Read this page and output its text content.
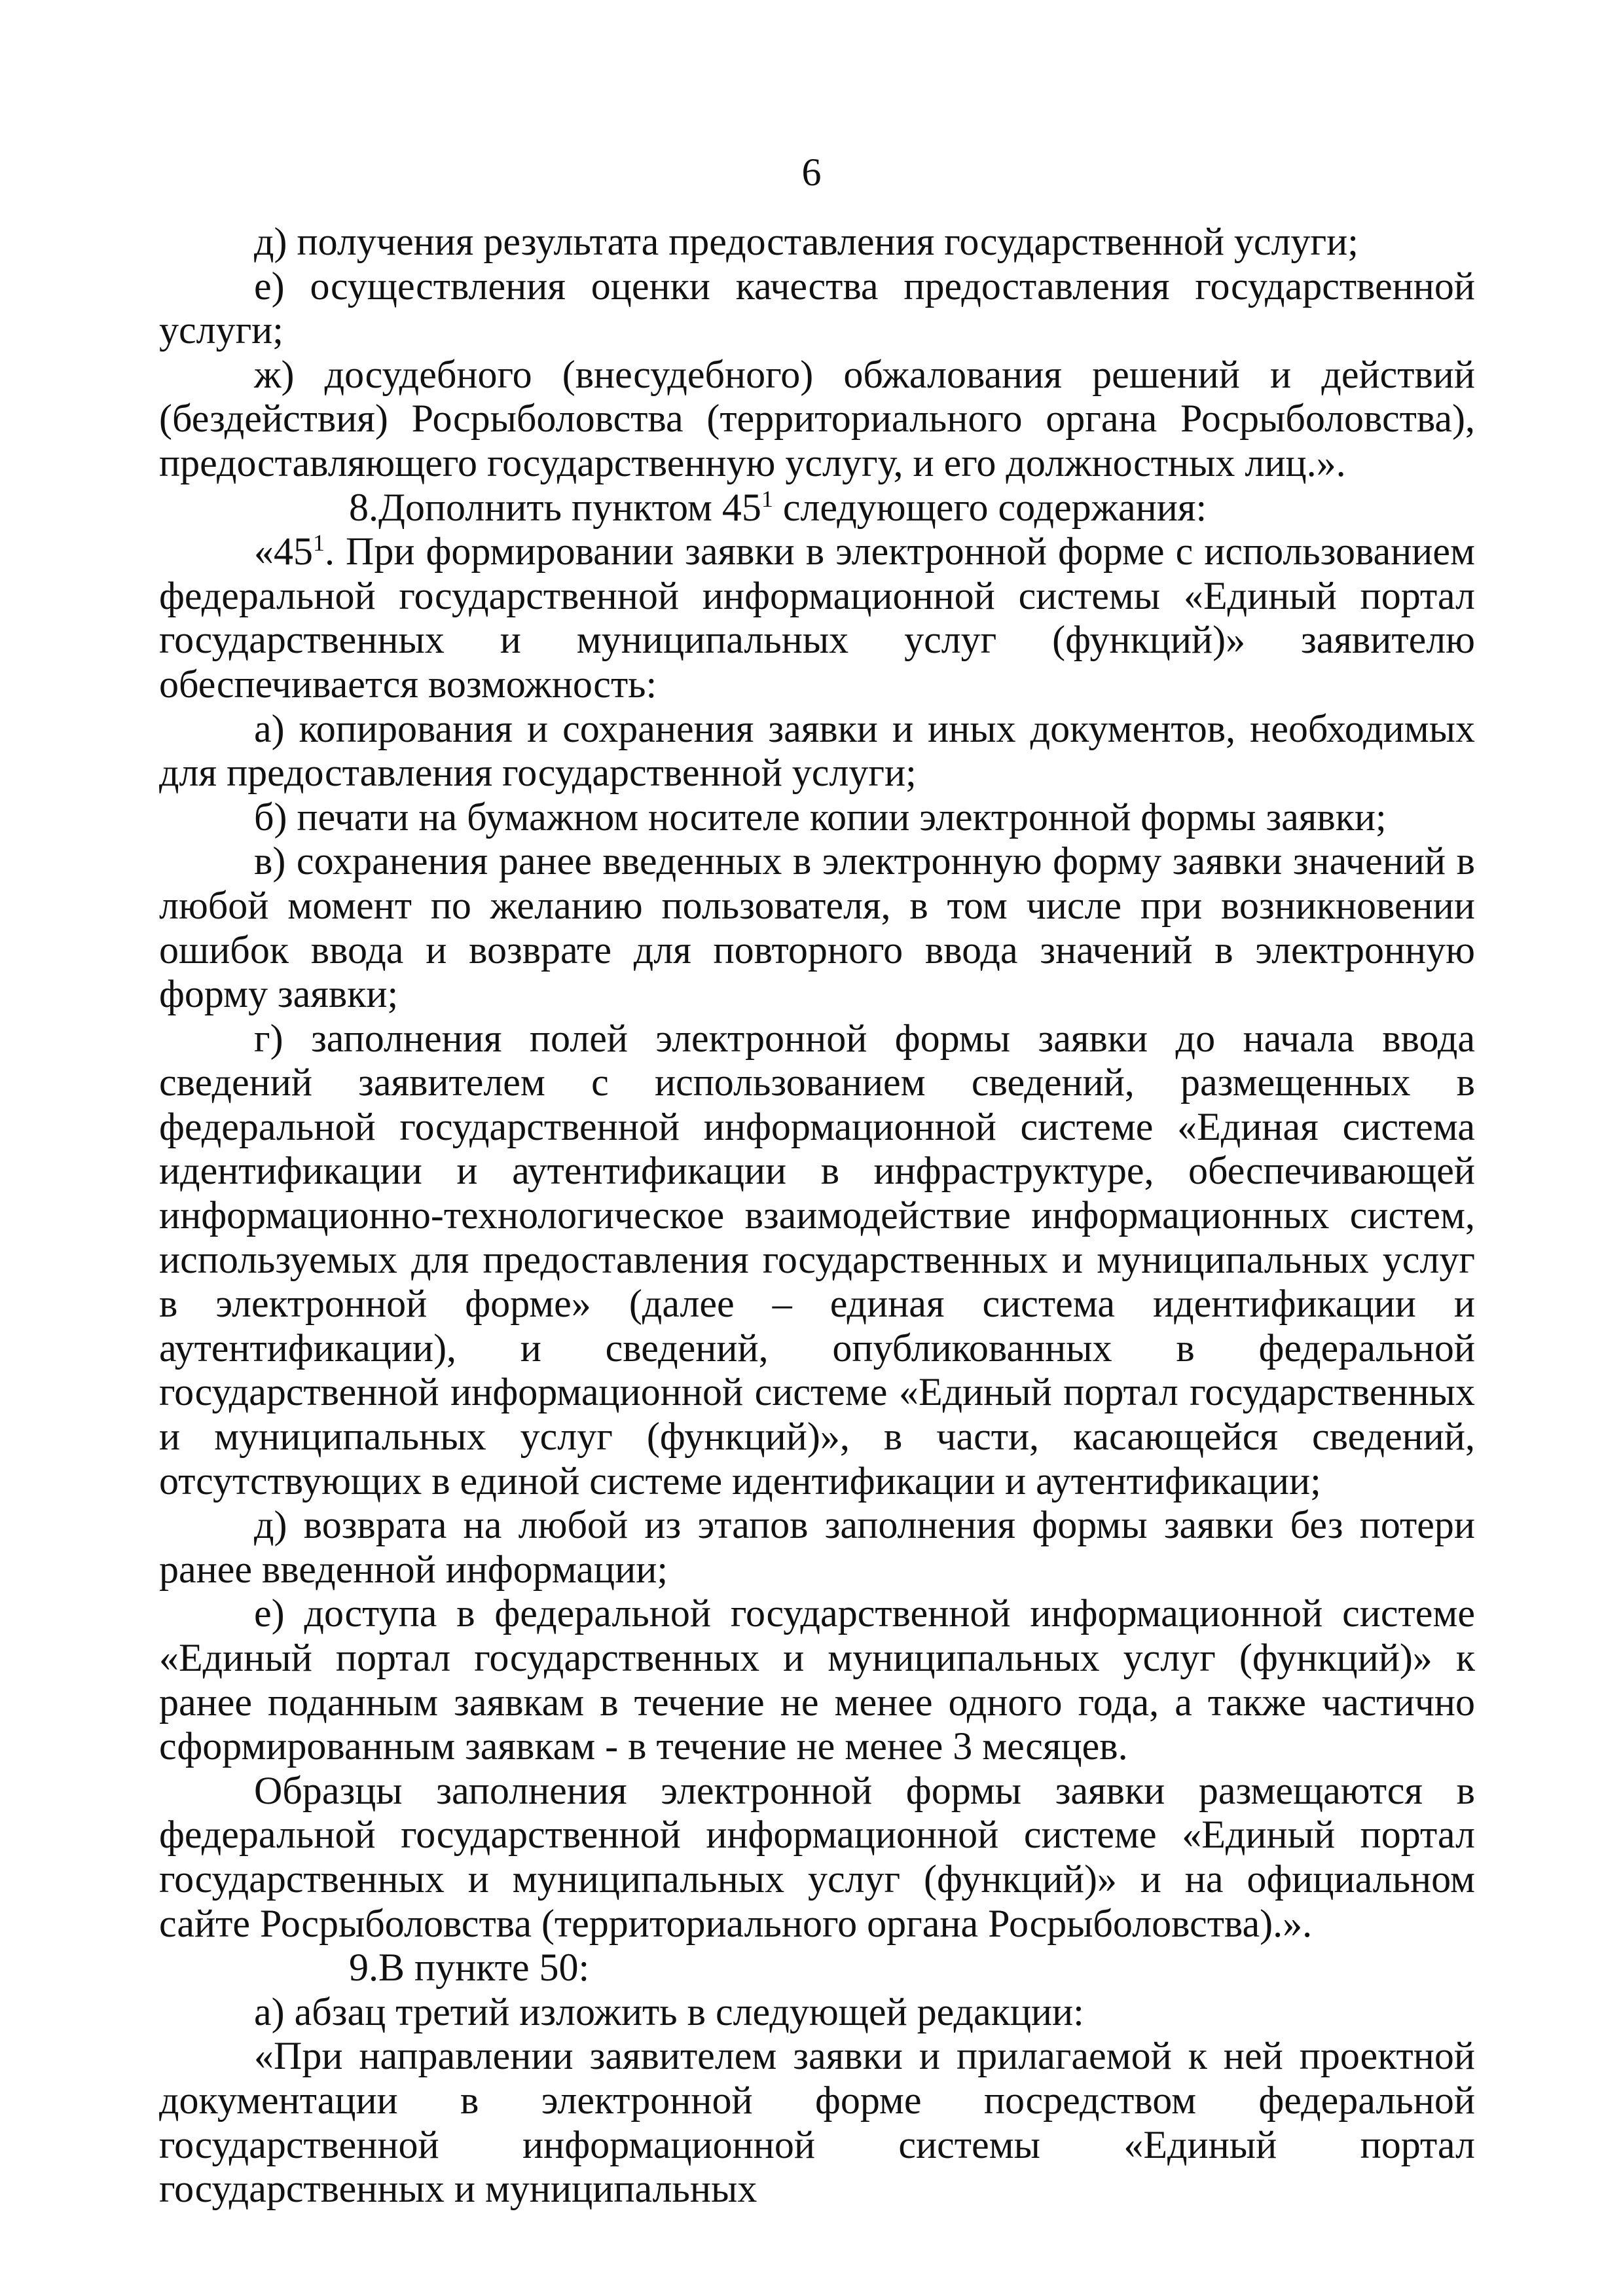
6

д) получения результата предоставления государственной услуги;

е) осуществления оценки качества предоставления государственной услуги;

ж) досудебного (внесудебного) обжалования решений и действий (бездействия) Росрыболовства (территориального органа Росрыболовства), предоставляющего государственную услугу, и его должностных лиц.».

8.Дополнить пунктом $45^1$ следующего содержания:

«$45^1$. При формировании заявки в электронной форме с использованием федеральной государственной информационной системы «Единый портал государственных и муниципальных услуг (функций)» заявителю обеспечивается возможность:

а) копирования и сохранения заявки и иных документов, необходимых для предоставления государственной услуги;

б) печати на бумажном носителе копии электронной формы заявки;

в) сохранения ранее введенных в электронную форму заявки значений в любой момент по желанию пользователя, в том числе при возникновении ошибок ввода и возврате для повторного ввода значений в электронную форму заявки;

г) заполнения полей электронной формы заявки до начала ввода сведений заявителем с использованием сведений, размещенных в федеральной государственной информационной системе «Единая система идентификации и аутентификации в инфраструктуре, обеспечивающей информационно-технологическое взаимодействие информационных систем, используемых для предоставления государственных и муниципальных услуг в электронной форме» (далее – единая система идентификации и аутентификации), и сведений, опубликованных в федеральной государственной информационной системе «Единый портал государственных и муниципальных услуг (функций)», в части, касающейся сведений, отсутствующих в единой системе идентификации и аутентификации;

д) возврата на любой из этапов заполнения формы заявки без потери ранее введенной информации;

е) доступа в федеральной государственной информационной системе «Единый портал государственных и муниципальных услуг (функций)» к ранее поданным заявкам в течение не менее одного года, а также частично сформированным заявкам - в течение не менее 3 месяцев.

Образцы заполнения электронной формы заявки размещаются в федеральной государственной информационной системе «Единый портал государственных и муниципальных услуг (функций)» и на официальном сайте Росрыболовства (территориального органа Росрыболовства).».

9.В пункте 50:

а) абзац третий изложить в следующей редакции:

«При направлении заявителем заявки и прилагаемой к ней проектной документации в электронной форме посредством федеральной государственной информационной системы «Единый портал государственных и муниципальных
